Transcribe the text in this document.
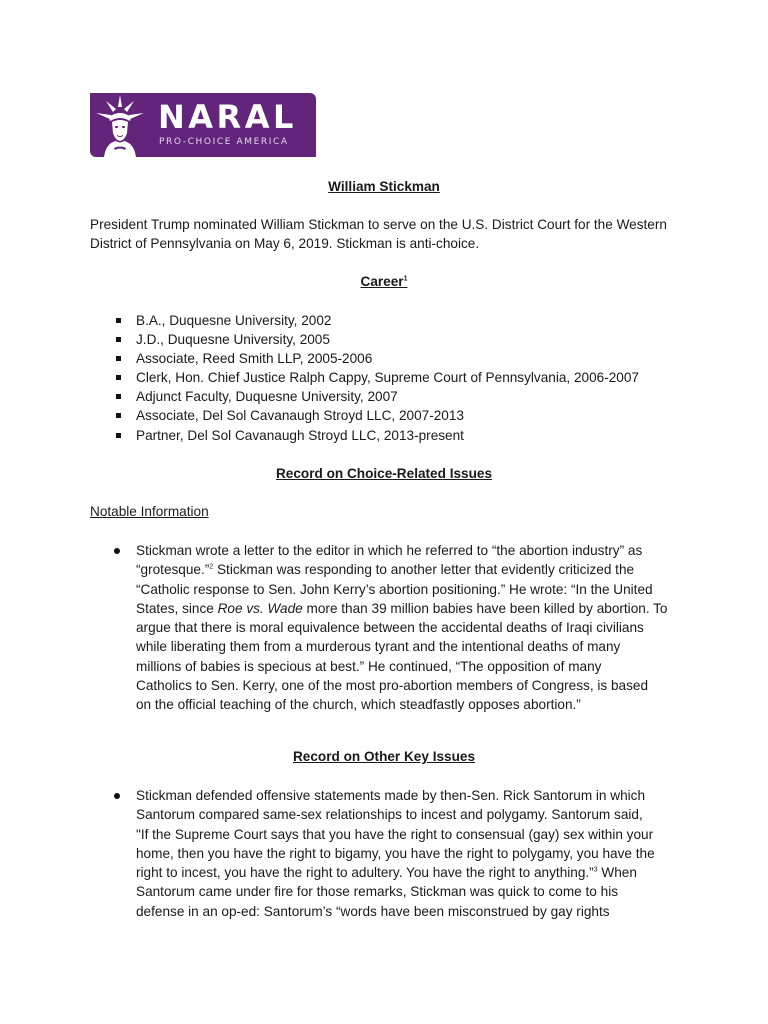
NARAL
PRO-CHOICE AMERICA
William Stickman

President Trump nominated William Stickman to serve on the U.S. District Court for the Western District of Pennsylvania on May 6, 2019. Stickman is anti-choice.

Career$^1$
B.A., Duquesne University, 2002
J.D., Duquesne University, 2005
Associate, Reed Smith LLP, 2005-2006
Clerk, Hon. Chief Justice Ralph Cappy, Supreme Court of Pennsylvania, 2006-2007
Adjunct Faculty, Duquesne University, 2007
Associate, Del Sol Cavanaugh Stroyd LLC, 2007-2013
Partner, Del Sol Cavanaugh Stroyd LLC, 2013-present
Record on Choice-Related Issues
Notable Information
Stickman wrote a letter to the editor in which he referred to “the abortion industry” as
“grotesque.”$^2$ Stickman was responding to another letter that evidently criticized the
“Catholic response to Sen. John Kerry’s abortion positioning.” He wrote: “In the United
States, since Roe vs. Wade more than 39 million babies have been killed by abortion. To
argue that there is moral equivalence between the accidental deaths of Iraqi civilians
while liberating them from a murderous tyrant and the intentional deaths of many
millions of babies is specious at best.” He continued, “The opposition of many
Catholics to Sen. Kerry, one of the most pro-abortion members of Congress, is based
on the official teaching of the church, which steadfastly opposes abortion.”
Record on Other Key Issues
Stickman defended offensive statements made by then-Sen. Rick Santorum in which
Santorum compared same-sex relationships to incest and polygamy. Santorum said,
"If the Supreme Court says that you have the right to consensual (gay) sex within your
home, then you have the right to bigamy, you have the right to polygamy, you have the
right to incest, you have the right to adultery. You have the right to anything.”$^3$ When
Santorum came under fire for those remarks, Stickman was quick to come to his
defense in an op-ed: Santorum’s “words have been misconstrued by gay rights
